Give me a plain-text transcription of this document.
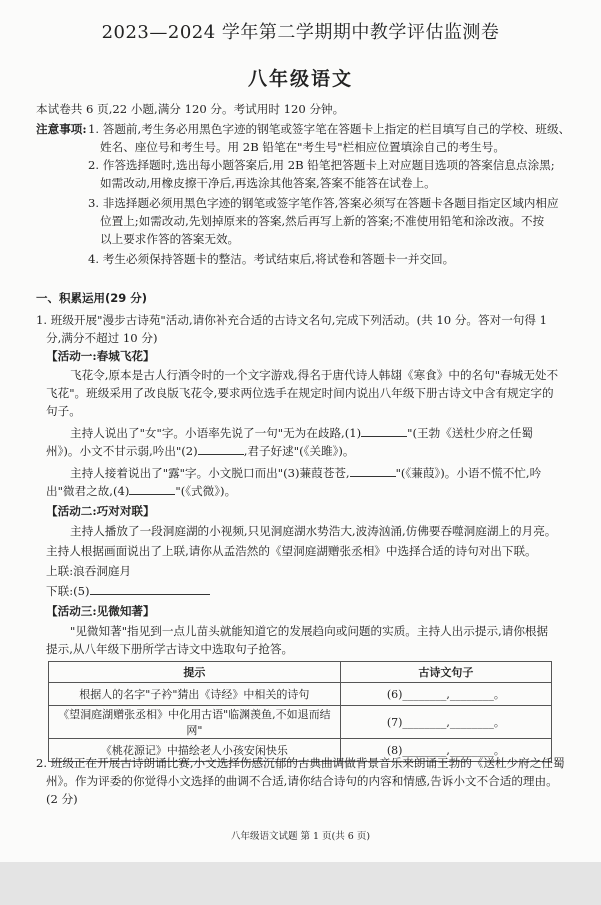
2023—2024 学年第二学期期中教学评估监测卷
八年级语文
本试卷共 6 页,22 小题,满分 120 分。考试用时 120 分钟。
注意事项: 1. 答题前,考生务必用黑色字迹的钢笔或签字笔在答题卡上指定的栏目填写自己的学校、班级、
姓名、座位号和考生号。用 2B 铅笔在"考生号"栏相应位置填涂自己的考生号。
2. 作答选择题时,选出每小题答案后,用 2B 铅笔把答题卡上对应题目选项的答案信息点涂黑;
如需改动,用橡皮擦干净后,再选涂其他答案,答案不能答在试卷上。
3. 非选择题必须用黑色字迹的钢笔或签字笔作答,答案必须写在答题卡各题目指定区域内相应
位置上;如需改动,先划掉原来的答案,然后再写上新的答案;不准使用铅笔和涂改液。不按
以上要求作答的答案无效。
4. 考生必须保持答题卡的整洁。考试结束后,将试卷和答题卡一并交回。
一、积累运用(29 分)
1. 班级开展"漫步古诗苑"活动,请你补充合适的古诗文名句,完成下列活动。(共 10 分。答对一句得 1
分,满分不超过 10 分)
【活动一:春城飞花】
飞花令,原本是古人行酒令时的一个文字游戏,得名于唐代诗人韩翃《寒食》中的名句"春城无处不
飞花"。班级采用了改良版飞花令,要求两位选手在规定时间内说出八年级下册古诗文中含有规定字的
句子。
主持人说出了"女"字。小语率先说了一句"无为在歧路,(1)	"(王勃《送杜少府之任蜀
州》)。小文不甘示弱,吟出"(2)	,君子好逑"(《关雎》)。
主持人接着说出了"露"字。小文脱口而出"(3)蒹葭苍苍,	"(《蒹葭》)。小语不慌不忙,吟
出"微君之故,(4)	"(《式微》)。
【活动二:巧对对联】
主持人播放了一段洞庭湖的小视频,只见洞庭湖水势浩大,波涛汹涌,仿佛要吞噬洞庭湖上的月亮。
主持人根据画面说出了上联,请你从孟浩然的《望洞庭湖赠张丞相》中选择合适的诗句对出下联。
上联:浪吞洞庭月
下联:(5)
【活动三:见微知著】
"见微知著"指见到一点儿苗头就能知道它的发展趋向或问题的实质。主持人出示提示,请你根据
提示,从八年级下册所学古诗文中选取句子抢答。
提示	古诗文句子
根据人的名字"子衿"猜出《诗经》中相关的诗句	(6)________,________。
《望洞庭湖赠张丞相》中化用古语"临渊羡鱼,不如退而结网"	(7)________,________。
《桃花源记》中描绘老人小孩安闲快乐	(8)________,________。
2. 班级正在开展古诗朗诵比赛,小文选择伤感沉郁的古典曲调做背景音乐来朗诵王勃的《送杜少府之任蜀
州》。作为评委的你觉得小文选择的曲调不合适,请你结合诗句的内容和情感,告诉小文不合适的理由。
(2 分)
八年级语文试题 第 1 页(共 6 页)
